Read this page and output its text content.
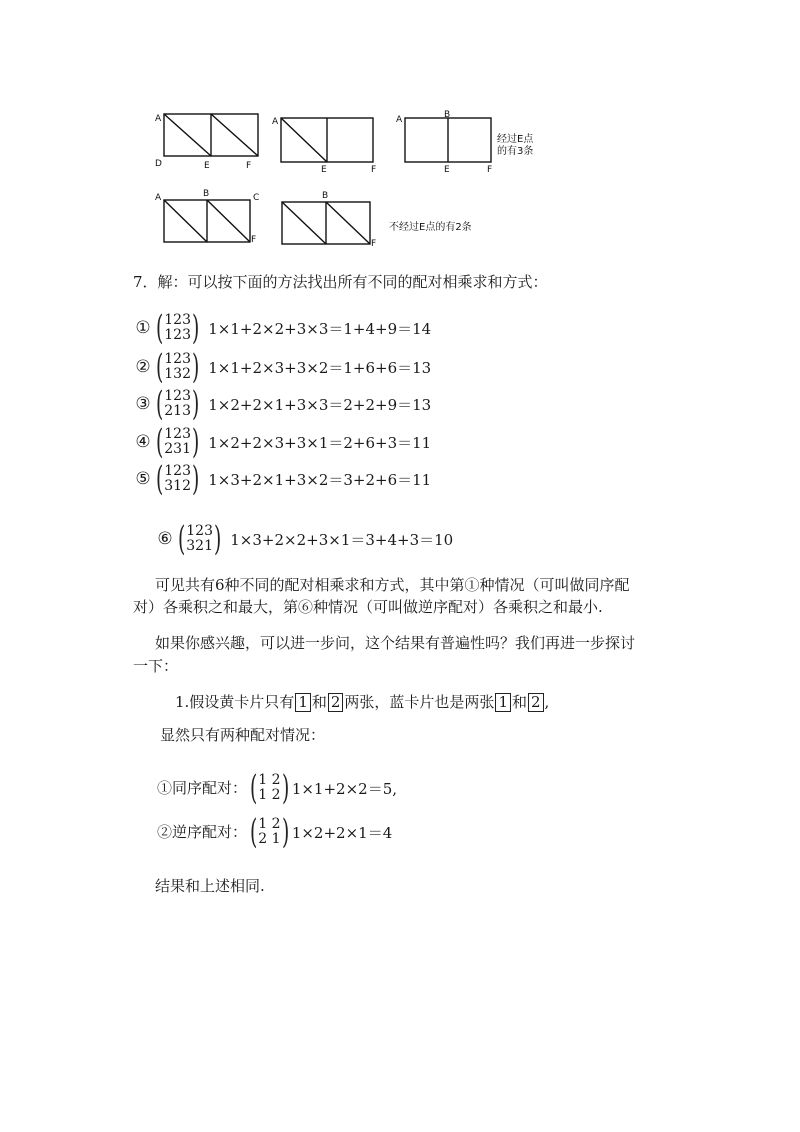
A
D	E	F
A
E	F
A	B
E	F
经过E点
的有3条
A	B	C
F
B
F
不经过E点的有2条
7．解：可以按下面的方法找出所有不同的配对相乘求和方式：
① ( 123
123 ) 1×1+2×2+3×3＝1+4+9＝14
② ( 123
132 ) 1×1+2×3+3×2＝1+6+6＝13
③ ( 123
213 ) 1×2+2×1+3×3＝2+2+9＝13
④ ( 123
231 ) 1×2+2×3+3×1＝2+6+3＝11
⑤ ( 123
312 ) 1×3+2×1+3×2＝3+2+6＝11
⑥ ( 123
321 ) 1×3+2×2+3×1＝3+4+3＝10
可见共有6种不同的配对相乘求和方式，其中第①种情况（可叫做同序配
对）各乘积之和最大，第⑥种情况（可叫做逆序配对）各乘积之和最小.
如果你感兴趣，可以进一步问，这个结果有普遍性吗？我们再进一步探讨
一下：
1.假设黄卡片只有 1 和 2 两张，蓝卡片也是两张 1 和 2 ,
显然只有两种配对情况：
①同序配对： ( 1 2
1 2 ) 1×1+2×2＝5,
②逆序配对： ( 1 2
2 1 ) 1×2+2×1＝4
结果和上述相同.
